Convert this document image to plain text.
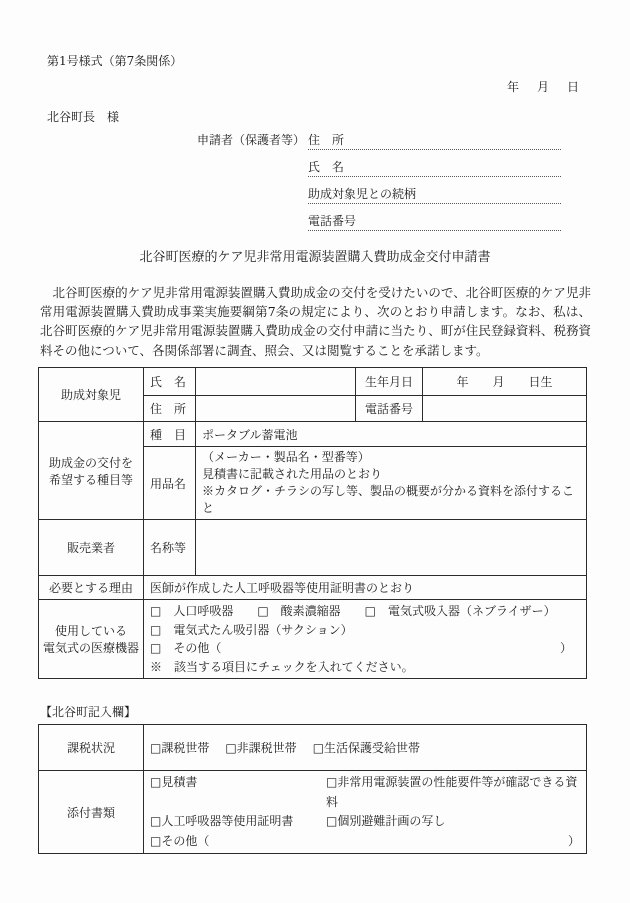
第1号様式（第7条関係）
年　月　日
北谷町長　様
申請者（保護者等） 住　所
氏　名
助成対象児との続柄
電話番号
北谷町医療的ケア児非常用電源装置購入費助成金交付申請書

　北谷町医療的ケア児非常用電源装置購入費助成金の交付を受けたいので、北谷町医療的ケア児非常用電源装置購入費助成事業実施要綱第7条の規定により、次のとおり申請します。なお、私は、北谷町医療的ケア児非常用電源装置購入費助成金の交付申請に当たり、町が住民登録資料、税務資料その他について、各関係部署に調査、照会、又は閲覧することを承諾します。

助成対象児	氏　名		生年月日	年　　月　　日生
	住　所		電話番号	

助成金の交付を
希望する種目等	種　目	ポータブル蓄電池		
	用品名	（メーカー・製品名・型番等）
見積書に記載された用品のとおり
※カタログ・チラシの写し等、製品の概要が分かる資料を添付すること		

販売業者	名称等			
必要とする理由	医師が作成した人工呼吸器等使用証明書のとおり			

使用している
電気式の医療機器

□　人口呼吸器　　□　酸素濃縮器　　□　電気式吸入器（ネブライザー）
□　電気式たん吸引器（サクション）
□　その他（	）
※　該当する項目にチェックを入れてください。
【北谷町記入欄】
課税状況	□課税世帯 □非課税世帯 □生活保護受給世帯

添付書類	
□見積書	□非常用電源装置の性能要件等が確認できる資料
□人工呼吸器等使用証明書	□個別避難計画の写し
□その他（	）
